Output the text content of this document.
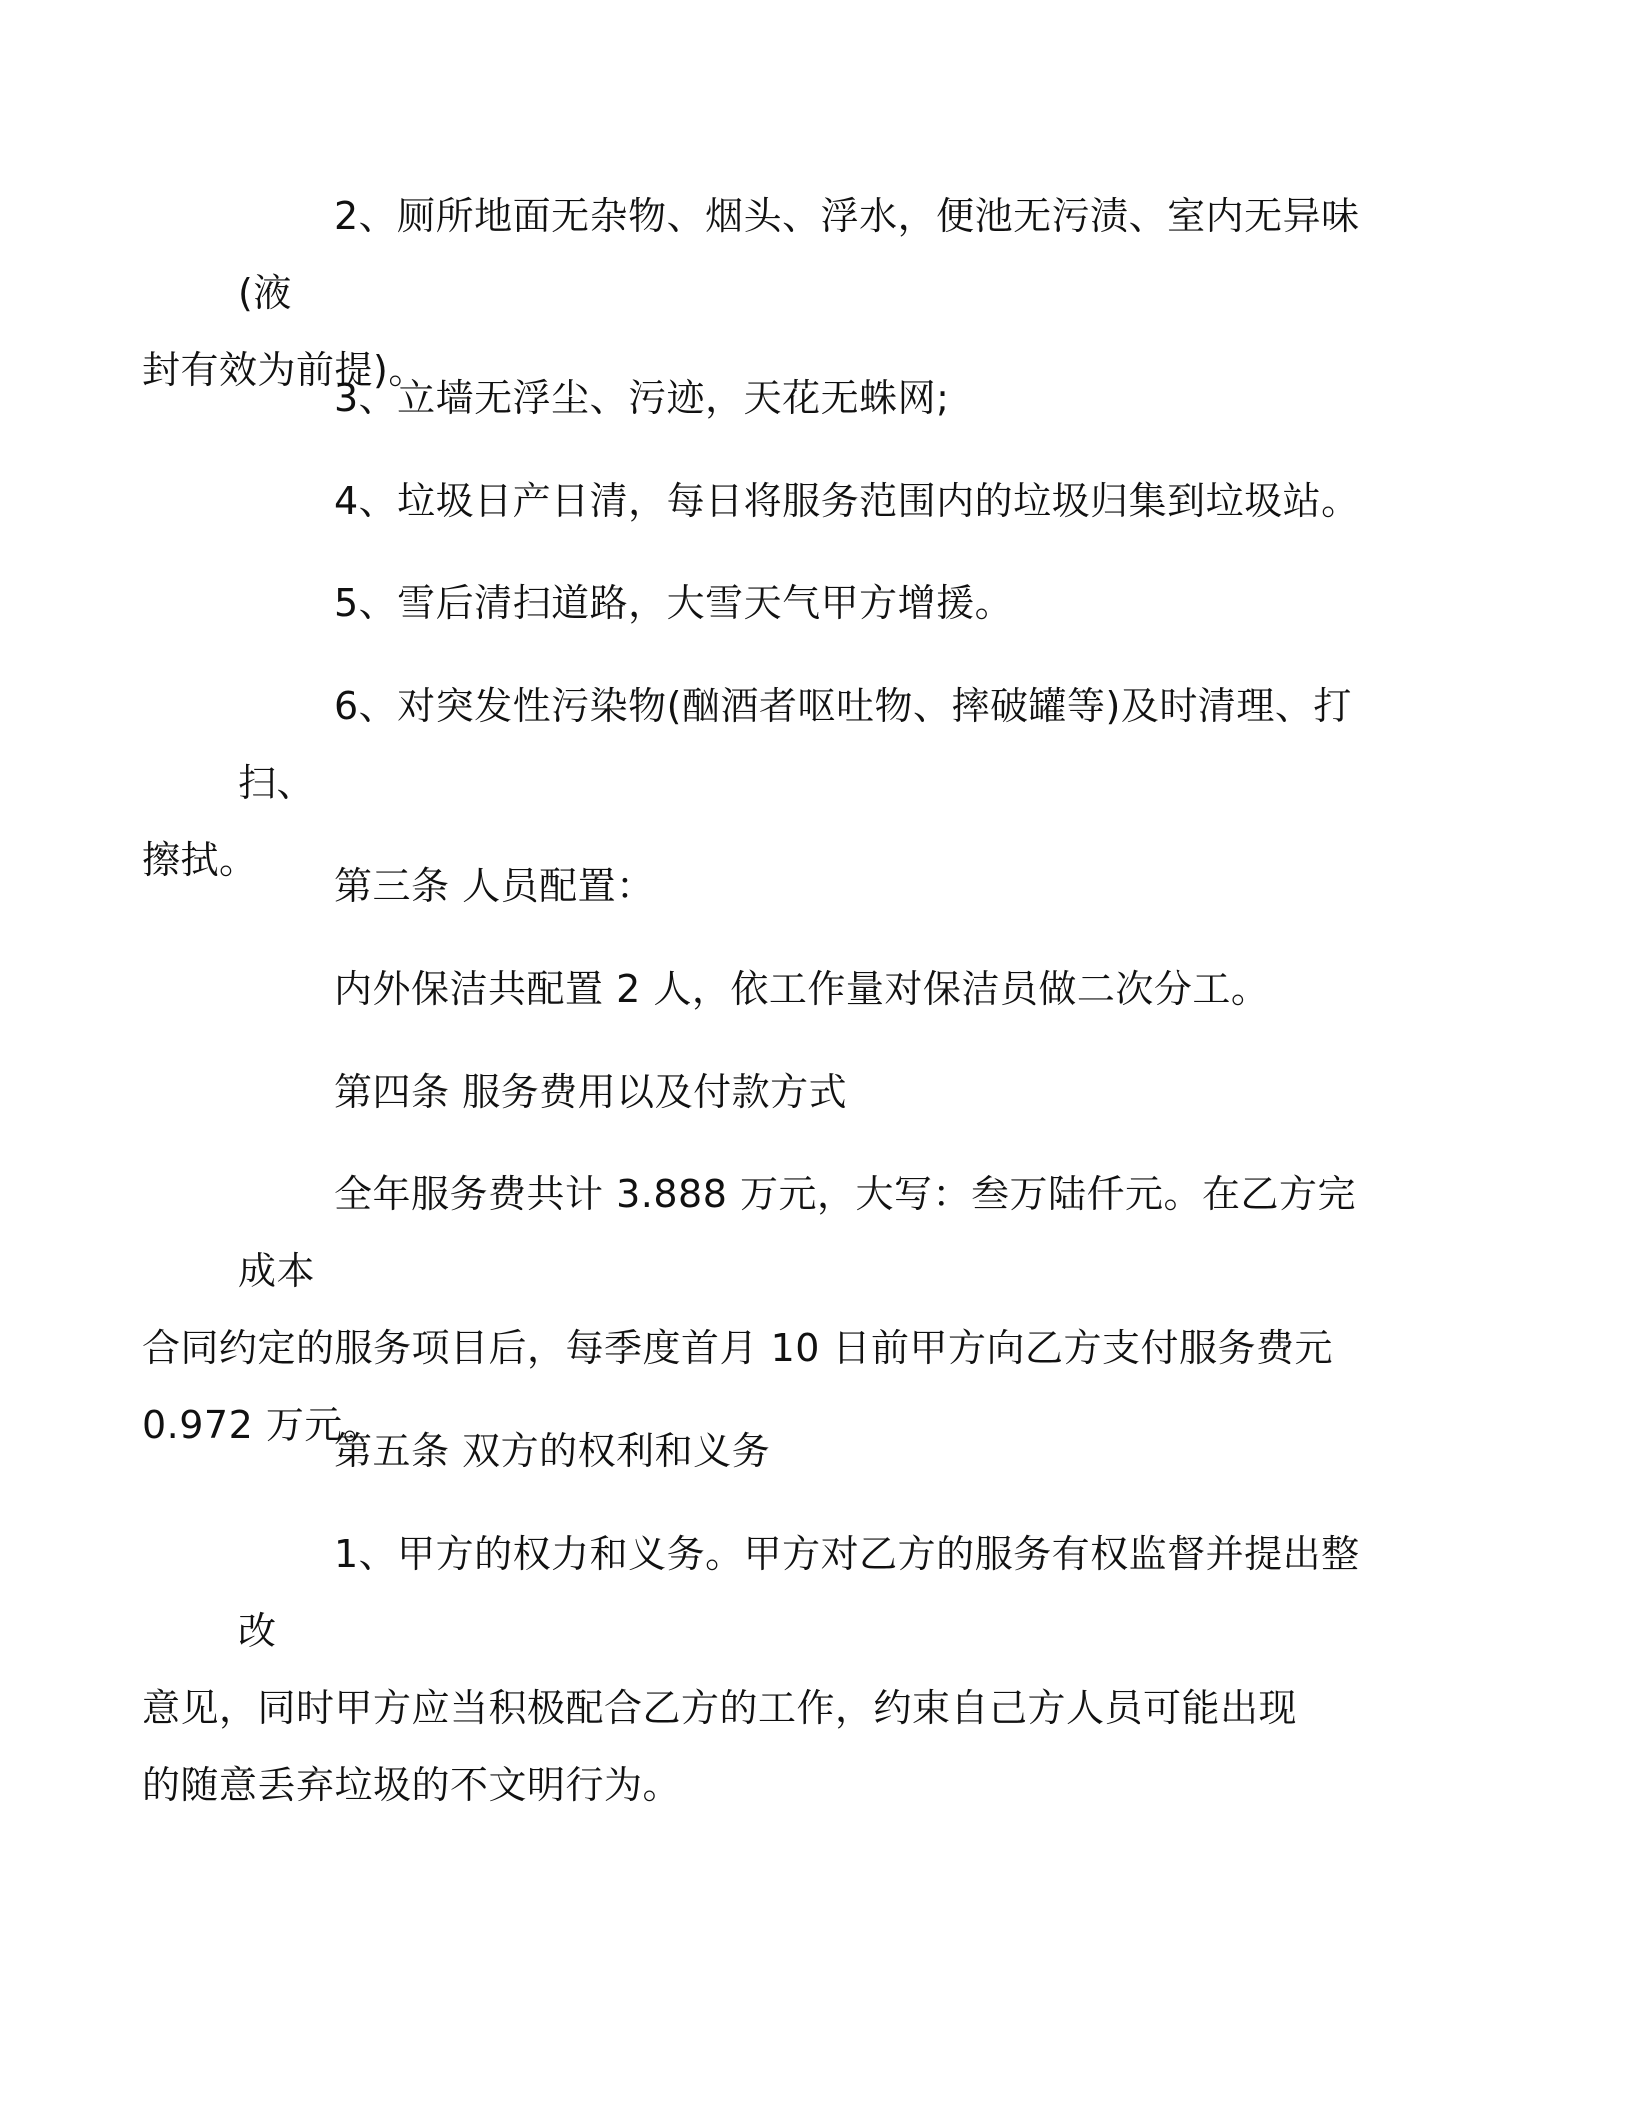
2、厕所地面无杂物、烟头、浮水，便池无污渍、室内无异味(液
封有效为前提)。

3、立墙无浮尘、污迹，天花无蛛网;

4、垃圾日产日清，每日将服务范围内的垃圾归集到垃圾站。

5、雪后清扫道路，大雪天气甲方增援。

6、对突发性污染物(酗酒者呕吐物、摔破罐等)及时清理、打扫、
擦拭。

第三条 人员配置：

内外保洁共配置 2 人，依工作量对保洁员做二次分工。

第四条 服务费用以及付款方式

全年服务费共计 3.888 万元，大写：叁万陆仟元。在乙方完成本
合同约定的服务项目后，每季度首月 10 日前甲方向乙方支付服务费元
0.972 万元。

第五条 双方的权利和义务

1、甲方的权力和义务。甲方对乙方的服务有权监督并提出整改
意见，同时甲方应当积极配合乙方的工作，约束自己方人员可能出现
的随意丢弃垃圾的不文明行为。
